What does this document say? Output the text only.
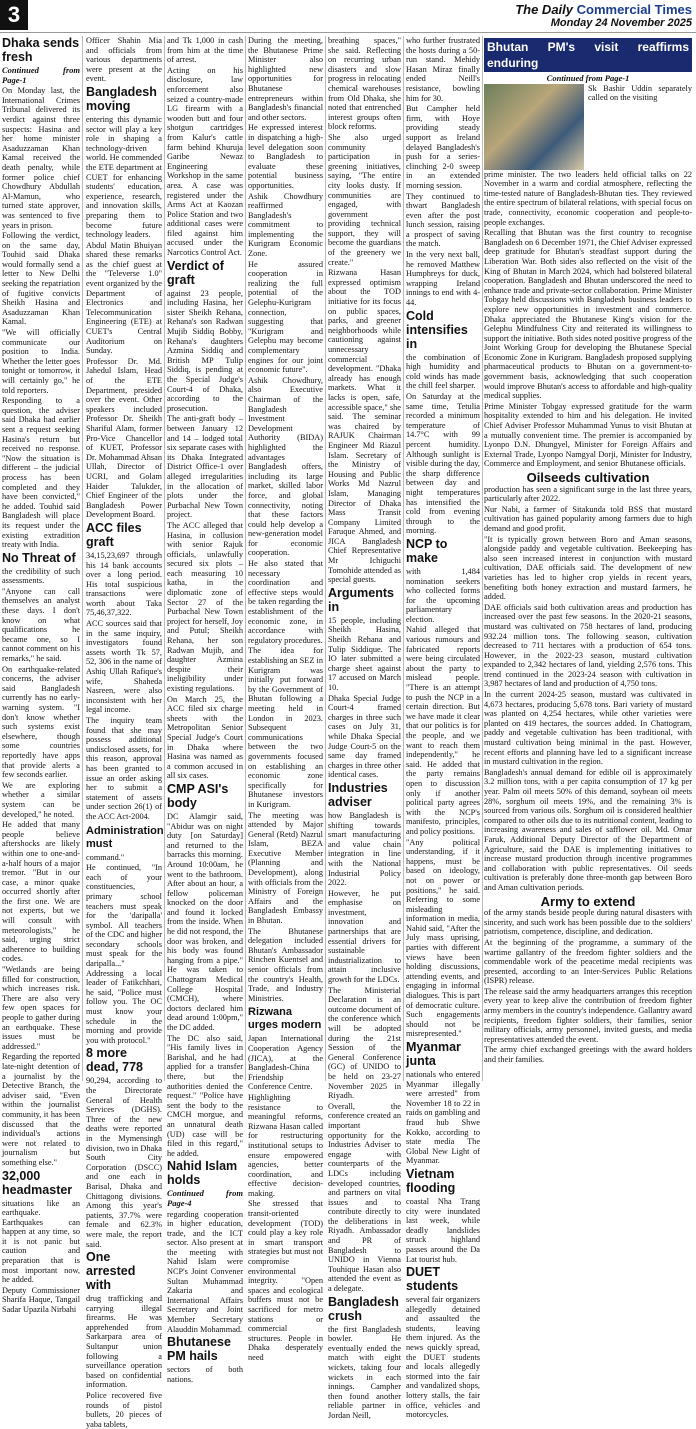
3	The Daily Commercial Times
Monday 24 November 2025
Dhaka sends fresh
Continued from Page-1

On Monday last, the International Crimes Tribunal delivered its verdict against three suspects: Hasina and her home minister Asaduzzaman Khan Kamal received the death penalty, while former police chief Chowdhury Abdullah Al-Mamun, who turned state approver, was sentenced to five years in prison.

Following the verdict, on the same day, Touhid said Dhaka would formally send a letter to New Delhi seeking the repatriation of fugitive convicts Sheikh Hasina and Asaduzzaman Khan Kamal.

"We will officially communicate our position to India. Whether the letter goes tonight or tomorrow, it will certainly go," he told reporters.

Responding to a question, the adviser said Dhaka had earlier sent a request seeking Hasina's return but received no response. "Now the situation is different – the judicial process has been completed and they have been convicted," he added. Touhid said Bangladesh will place its request under the existing extradition treaty with India.

No Threat of

the credibility of such assessments.

"Anyone can call themselves an analyst these days. I don't know on what qualifications he became one, so I cannot comment on his remarks," he said.

On earthquake-related concerns, the adviser said Bangladesh currently has no early-warning system. "I don't know whether such systems exist elsewhere, though some countries reportedly have apps that provide alerts a few seconds earlier.

We are exploring whether a similar system can be developed," he noted.

He added that many people believe aftershocks are likely within one to one-and-a-half hours of a major tremor. "But in our case, a minor quake occurred shortly after the first one. We are not experts, but we will consult with meteorologists," he said, urging strict adherence to building codes.

"Wetlands are being filled for construction, which increases risk. There are also very few open spaces for people to gather during an earthquake. These issues must be addressed."

Regarding the reported late-night detention of a journalist by the Detective Branch, the adviser said, "Even within the journalist community, it has been discussed that the individual's actions were not related to journalism but something else."

32,000 headmaster

situations like an earthquake. Earthquakes can happen at any time, so it is not panic but caution and preparation that is most important now, he added.

Deputy Commissioner Sharifa Haque, Tangail Sadar Upazila Nirbahi

Officer Shahin Mia and officials from various departments were present at the event.

Bangladesh moving

entering this dynamic sector will play a key role in shaping a technology-driven world. He commended the ETE department at CUET for enhancing students' education, experience, research, and innovation skills, preparing them to become future technology leaders.

Abdul Matin Bhuiyan shared these remarks as the chief guest at the "Televerse 1.0" event organized by the Department of Electronics and Telecommunication Engineering (ETE) at CUET's Central Auditorium on Sunday.

Professor Dr. Md. Jahedul Islam, Head of the ETE Department, presided over the event. Other speakers included Professor Dr. Sheikh Shariful Alam, former Pro-Vice Chancellor of KUET, Professor Dr. Mohammad Ahsan Ullah, Director of UCRI, and Golam Haider Talukder, Chief Engineer of the Bangladesh Power Development Board.

ACC files graft

34,15,23,697 through his 14 bank accounts over a long period. His total suspicious transactions were worth about Taka 75,46,37,322.

ACC sources said that in the same inquiry, investigators found assets worth Tk 57, 52, 306 in the name of Ashiq Ullah Rafique's wife, Shaheda Nasreen, were also inconsistent with her legal income.

The inquiry team found that she may possess additional undisclosed assets, for this reason, approval has been granted to issue an order asking her to submit a statement of assets under section 26(1) of the ACC Act-2004.

Administration must

command."

He continued, "In each of your constituencies, primary school teachers must speak for the 'daripalla' symbol. All teachers of the CDC and higher secondary schools must speak for the daripalla..." Addressing a local leader of Fatikchhari, he said, "Police must follow you. The OC must know your schedule in the morning and provide you with protocol."

8 more dead, 778

90,294, according to the Directorate General of Health Services (DGHS). Three of the new deaths were reported in the Mymensingh division, two in Dhaka South City Corporation (DSCC) and one each in Barisal, Dhaka and Chittagong divisions. Among this year's patients, 37.7% were female and 62.3% were male, the report said.

One arrested with

drug trafficking and carrying illegal firearms. He was apprehended from Sarkarpara area of Sultanpur union following a surveillance operation based on confidential information.

Police recovered five rounds of pistol bullets, 20 pieces of yaba tablets,

and Tk 1,000 in cash from him at the time of arrest.

Acting on his disclosure, law enforcement also seized a country-made LG firearm with a wooden butt and four shotgun cartridges from Kalur's cattle farm behind Khuruja Garibe Newaz Engineering Workshop in the same area. A case was registered under the Arms Act at Kaozan Police Station and two additional cases were filed against him accused under the Narcotics Control Act.

Verdict of graft

against 23 people, including Hasina, her sister Sheikh Rehana, Rehana's son Radwan Mujib Siddiq Bobby, Rehana's daughters Azmina Siddiq and British MP Tulip Siddiq, is pending at the Special Judge's Court-4 of Dhaka, according to the prosecution.

The anti-graft body – between January 12 and 14 – lodged total six separate cases with its Dhaka Integrated District Office-1 over alleged irregularities in the allocation of plots under the Purbachal New Town project.

The ACC alleged that Hasina, in collusion with senior Rajuk officials, unlawfully secured six plots – each measuring 10 katha, in the diplomatic zone of Sector 27 of the Purbachal New Town project for herself, Joy and Putul; Sheikh Rehana, her son Radwan Mujib, and daughter Azmina despite their ineligibility under existing regulations.

On March 25, the ACC filed six charge sheets with the Metropolitan Senior Special Judge's Court in Dhaka where Hasina was named as a common accused in all six cases.

CMP ASI's body

DC Alamgir said, "Abidur was on night duty [on Saturday] and returned to the barracks this morning. Around 10:00am, he went to the bathroom. After about an hour, a fellow policeman knocked on the door and found it locked from the inside. When he did not respond, the door was broken, and his body was found hanging from a pipe." He was taken to Chattogram Medical College Hospital (CMCH), where doctors declared him dead around 1:00pm," the DC added.

The DC also said, "His family lives in Barishal, and he had applied for a transfer there, but the authorities denied the request." "Police have sent the body to the CMCH morgue, and an unnatural death (UD) case will be filed in this regard," he added.

Nahid Islam holds
Continued from Page-4

regarding cooperation in higher education, trade, and the ICT sector. Also present at the meeting with Nahid Islam were NCP's Joint Convener Sultan Muhammad Zakaria and International Affairs Secretary and Joint Member Secretary Alauddin Mohammad.

Bhutanese PM hails

sectors of both nations.

During the meeting, the Bhutanese Prime Minister also highlighted new opportunities for Bhutanese entrepreneurs within Bangladesh's financial and other sectors.

He expressed interest in dispatching a high-level delegation soon to Bangladesh to evaluate these potential business opportunities.

Ashik Chowdhury reaffirmed Bangladesh's commitment to implementing the Kurigram Economic Zone.

He assured cooperation in realizing the full potential of the Gelephu-Kurigram connection, suggesting that "Kurigram and Gelephu may become complementary engines for our joint economic future".

Ashik Chowdhury, also Executive Chairman of the Bangladesh Investment Development Authority (BIDA) highlighted the advantages Bangladesh offers, including its large market, skilled labor force, and global connectivity, noting that these factors could help develop a new-generation model for economic cooperation.

He also stated that necessary coordination and effective steps would be taken regarding the establishment of the economic zone, in accordance with regulatory procedures.

The idea for establishing an SEZ in Kurigram was initially put forward by the Government of Bhutan following a meeting held in London in 2023. Subsequent communications between the two governments focused on establishing an economic zone specifically for Bhutanese investors in Kurigram.

The meeting was attended by Major General (Retd) Nazrul Islam, BEZA Executive Member (Planning and Development), along with officials from the Ministry of Foreign Affairs and the Bangladesh Embassy in Bhutan.

The Bhutanese delegation included Bhutan's Ambassador Rinchen Kuentsel and senior officials from the country's Health, Trade, and Industry Ministries.

Rizwana urges modern

Japan International Cooperation Agency (JICA), at the Bangladesh-China Friendship Conference Centre.

Highlighting resistance to meaningful reforms, Rizwana Hasan called for restructuring institutional setups to ensure empowered agencies, better coordination, and effective decision-making.

She stressed that transit-oriented development (TOD) could play a key role in smart transport strategies but must not compromise environmental integrity. "Open spaces and ecological buffers must not be sacrificed for metro stations or commercial structures. People in Dhaka desperately need

breathing spaces," she said. Reflecting on recurring urban disasters and slow progress in relocating chemical warehouses from Old Dhaka, she noted that entrenched interest groups often block reforms.

She also urged community participation in greening initiatives, saying, "The entire city looks dusty. If communities are engaged, with government providing technical support, they will become the guardians of the greenery we create."

Rizwana Hasan expressed optimism about the TOD initiative for its focus on public spaces, parks, and greener neighborhoods while cautioning against unnecessary commercial development. "Dhaka already has enough markets. What it lacks is open, safe, accessible space," she said. The seminar was chaired by RAJUK Chairman Engineer Md Riazul Islam. Secretary of the Ministry of Housing and Public Works Md Nazrul Islam, Managing Director of Dhaka Mass Transit Company Limited Faruque Ahmed, and JICA Bangladesh Chief Representative Mr Ichiguchi Tomohide attended as special guests.

Arguments in

15 people, including Sheikh Hasina, Sheikh Rehana and Tulip Siddique. The IO later submitted a charge sheet against 17 accused on March 10.

Dhaka Special Judge Court-4 framed charges in three such cases on July 31, while Dhaka Special Judge Court-5 on the same day framed charges in three other identical cases.

Industries adviser

how Bangladesh is shifting towards smart manufacturing and value chain integration in line with the National Industrial Policy 2022.

However, he put emphasise on investment, innovation and partnerships that are essential drivers for sustainable industrialization to attain inclusive growth for the LDCs.

The Ministerial Declaration is an outcome document of the conference which will be adopted during the 21st Session of the General Conference (GC) of UNIDO to be held on 23-27 November 2025 in Riyadh.

Overall, the conference created an important opportunity for the Industries Adviser to engage with counterparts of the LDCs including developed countries, and partners on vital issues and to contribute directly to the deliberations in Riyadh. Ambassador and PR of Bangladesh to UNIDO in Vienna Touhique Hasan also attended the event as a delegate.

Bangladesh crush

the first Bangladesh bowler. He eventually ended the match with eight wickets, taking four wickets in each innings. Campher then found another reliable partner in Jordan Neill,

who further frustrated the hosts during a 50-run stand. Mehidy Hasan Miraz finally ended Neill's resistance, bowling him for 30.

But Campher held firm, with Hoye providing steady support as Ireland delayed Bangladesh's push for a series-clinching 2-0 sweep in an extended morning session.

They continued to thwart Bangladesh even after the post lunch session, raising a prospect of saving the match.

In the very next ball, he removed Matthew Humphreys for duck, wrapping Ireland innings to end with 4-44.

Cold intensifies in

the combination of high humidity and cold winds has made the chill feel sharper.

On Saturday at the same time, Tetulia recorded a minimum temperature of 14.7°C with 99 percent humidity. Although sunlight is visible during the day, the sharp difference between day and night temperatures has intensified the cold from evening through to the morning.

NCP to make

with 1,484 nomination seekers who collected forms for the upcoming parliamentary election.

Nahid alleged that various rumours and fabricated reports were being circulated about the party to mislead people. "There is an attempt to push the NCP in a certain direction. But we have made it clear that our politics is for the people, and we want to reach them independently," he said. He added that the party remains open to discussion only if another political party agrees with the NCP's manifesto, principles, and policy positions.

"Any political understanding, if it happens, must be based on ideology, not on power or positions," he said. Referring to some misleading information in media, Nahid said, "After the July mass uprising, parties with different views have been holding discussions, attending events, and engaging in informal dialogues. This is part of democratic culture. Such engagements should not be misrepresented."

Myanmar junta

nationals who entered Myanmar illegally were arrested" from November 18 to 22 in raids on gambling and fraud hub Shwe Kokko, according to state media The Global New Light of Myanmar.

Vietnam flooding

coastal Nha Trang city were inundated last week, while deadly landslides struck highland passes around the Da Lat tourist hub.

DUET students

several fair organizers allegedly detained and assaulted the students, leaving them injured. As the news quickly spread, the DUET students and locals allegedly stormed into the fair and vandalized shops, lottery stalls, the fair office, vehicles and motorcycles.

Bhutan PM's visit reaffirms enduring
Continued from Page-1

Sk Bashir Uddin separately called on the visiting

prime minister. The two leaders held official talks on 22 November in a warm and cordial atmosphere, reflecting the time-tested nature of Bangladesh-Bhutan ties. They reviewed the entire spectrum of bilateral relations, with special focus on trade, connectivity, economic cooperation and people-to-people exchanges.

Recalling that Bhutan was the first country to recognise Bangladesh on 6 December 1971, the Chief Adviser expressed deep gratitude for Bhutan's steadfast support during the Liberation War. Both sides also reflected on the visit of the King of Bhutan in March 2024, which had bolstered bilateral cooperation. Bangladesh and Bhutan underscored the need to enhance trade and private-sector collaboration. Prime Minister Tobgay held discussions with Bangladesh business leaders to explore new opportunities in investment and commerce. Dhaka appreciated the Bhutanese King's vision for the Gelephu Mindfulness City and reiterated its willingness to support the initiative. Both sides noted positive progress of the Joint Working Group for developing the Bhutanese Special Economic Zone in Kurigram. Bangladesh proposed supplying pharmaceutical products to Bhutan on a government-to-government basis, acknowledging that such cooperation would improve Bhutan's access to affordable and high-quality medical supplies.

Prime Minister Tobgay expressed gratitude for the warm hospitality extended to him and his delegation. He invited Chief Adviser Professor Muhammad Yunus to visit Bhutan at a mutually convenient time. The premier is accompanied by Lyonpo D.N. Dhungyel, Minister for Foreign Affairs and External Trade, Lyonpo Namgyal Dorji, Minister for Industry, Commerce and Employment, and senior Bhutanese officials.

Oilseeds cultivation

production has seen a significant surge in the last three years, particularly after 2022.

Nur Nabi, a farmer of Sitakunda told BSS that mustard cultivation has gained popularity among farmers due to high demand and good profit.

"It is typically grown between Boro and Aman seasons, alongside paddy and vegetable cultivation. Beekeeping has also seen increased interest in conjunction with mustard cultivation, DAE officials said. The development of new varieties has led to higher crop yields in recent years, benefiting both honey extraction and mustard farmers, he added.

DAE officials said both cultivation areas and production has increased over the past few seasons. In the 2020-21 seasons, mustard was cultivated on 758 hectares of land, producing 932.24 million tons. The following season, cultivation decreased to 711 hectares with a production of 654 tons. However, in the 2022-23 season, mustard cultivation expanded to 2,342 hectares of land, yielding 2,576 tons. This trend continued in the 2023-24 season with cultivation in 3,987 hectares of land and production of 4,750 tons.

In the current 2024-25 season, mustard was cultivated in 4,673 hectares, producing 5,678 tons. Bari variety of mustard was planted on 4,254 hectares, while other varieties were planted on 419 hectares, the sources added. In Chattogram, paddy and vegetable cultivation has been traditional, with mustard cultivation being minimal in the past. However, recent efforts and planning have led to a significant increase in mustard cultivation in the region.

Bangladesh's annual demand for edible oil is approximately 3.2 million tons, with a per capita consumption of 17 kg per year. Palm oil meets 50% of this demand, soybean oil meets 28%, sorghum oil meets 19%, and the remaining 3% is sourced from various oils. Sorghum oil is considered healthier compared to other oils due to its nutritional content, leading to increasing awareness and sales of safflower oil. Md. Omar Faruk, Additional Deputy Director of the Department of Agriculture, said the DAE is implementing initiatives to increase mustard production through incentive programmes and collaboration with public representatives. Oil seeds cultivation is preferably done three-month gap between Boro and Aman cultivation periods.

Army to extend

of the army stands beside people during natural disasters with sincerity, and such work has been possible due to the soldiers' patriotism, competence, discipline, and dedication.

At the beginning of the programme, a summary of the wartime gallantry of the freedom fighter soldiers and the commendable work of the peacetime medal recipients was presented, according to an Inter-Services Public Relations (ISPR) release.

The release said the army headquarters arranges this reception every year to keep alive the contribution of freedom fighter army members in the country's independence. Gallantry award recipients, freedom fighter soldiers, their families, senior military officials, army personnel, invited guests, and media representatives attended the event.

The army chief exchanged greetings with the award holders and their families.
